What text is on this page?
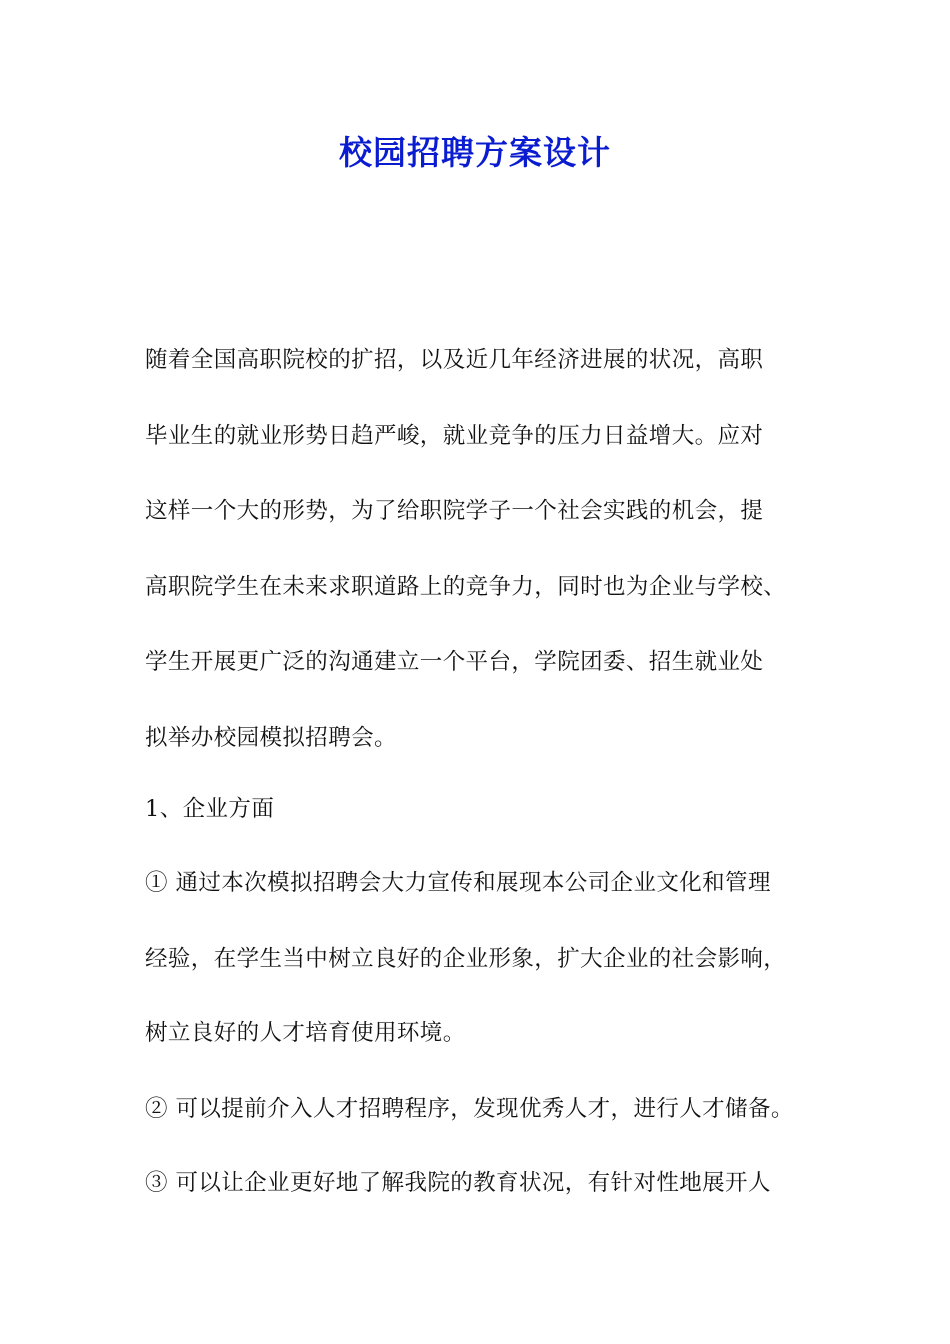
校园招聘方案设计
随着全国高职院校的扩招，以及近几年经济进展的状况，高职
毕业生的就业形势日趋严峻，就业竞争的压力日益增大。应对
这样一个大的形势，为了给职院学子一个社会实践的机会，提
高职院学生在未来求职道路上的竞争力，同时也为企业与学校、
学生开展更广泛的沟通建立一个平台，学院团委、招生就业处
拟举办校园模拟招聘会。
1、企业方面
① 通过本次模拟招聘会大力宣传和展现本公司企业文化和管理
经验，在学生当中树立良好的企业形象，扩大企业的社会影响，
树立良好的人才培育使用环境。
② 可以提前介入人才招聘程序，发现优秀人才，进行人才储备。
③ 可以让企业更好地了解我院的教育状况，有针对性地展开人
